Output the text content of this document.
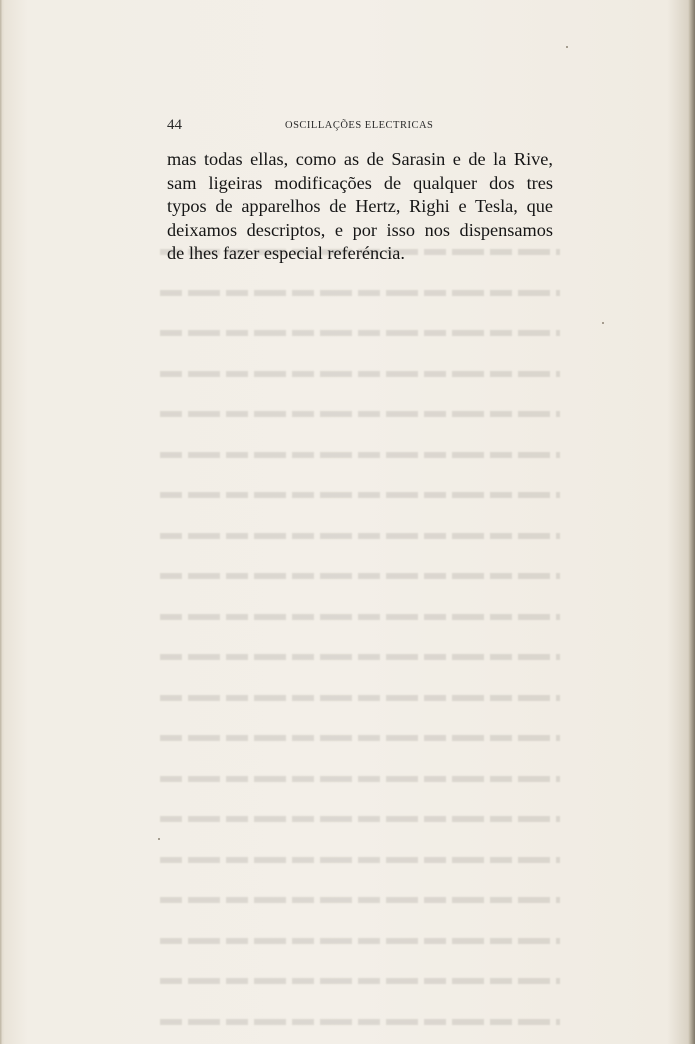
44	OSCILLAÇÕES ELECTRICAS
mas todas ellas, como as de Sarasin e de la Rive,
sam ligeiras modificações de qualquer dos tres
typos de apparelhos de Hertz, Righi e Tesla, que
deixamos descriptos, e por isso nos dispensamos
de lhes fazer especial referéncia.
